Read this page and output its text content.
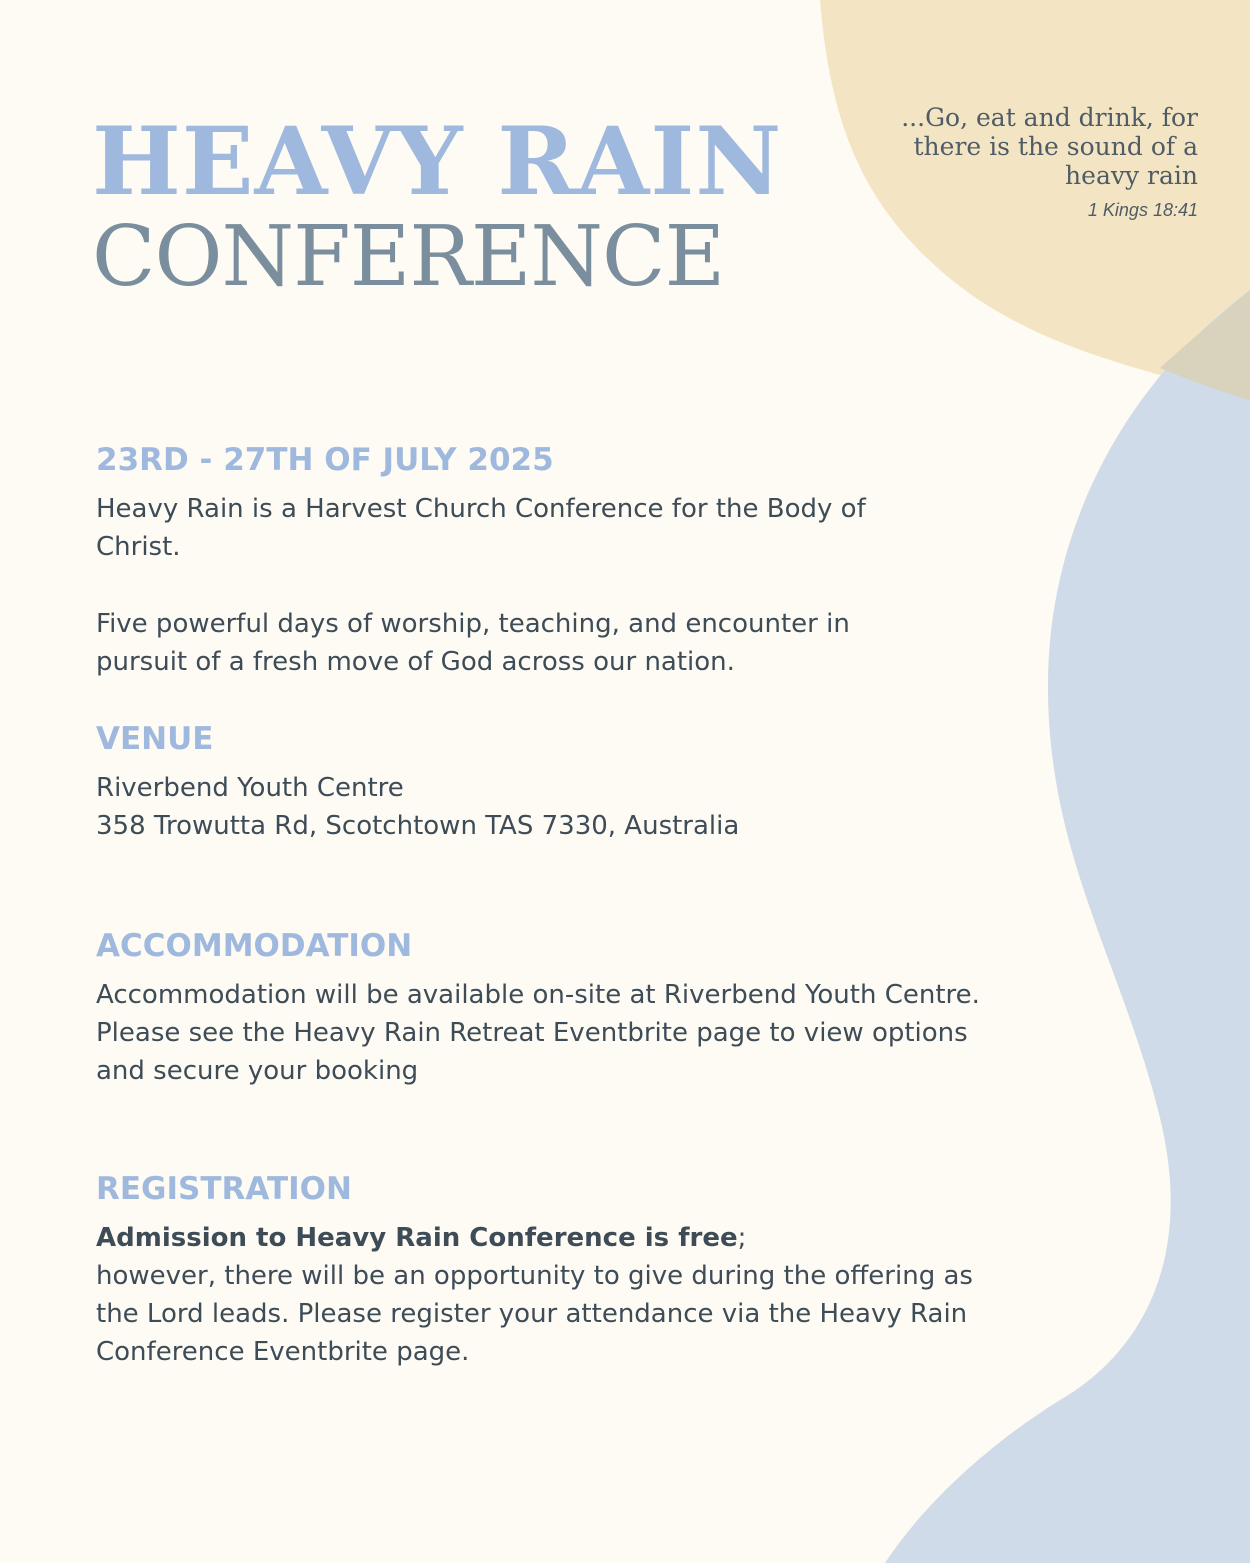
HEAVY RAIN
CONFERENCE
...Go, eat and drink, for
there is the sound of a
heavy rain
1 Kings 18:41
23RD - 27TH OF JULY 2025

Heavy Rain is a Harvest Church Conference for the Body of
Christ.

Five powerful days of worship, teaching, and encounter in
pursuit of a fresh move of God across our nation.

VENUE

Riverbend Youth Centre
358 Trowutta Rd, Scotchtown TAS 7330, Australia

ACCOMMODATION

Accommodation will be available on-site at Riverbend Youth Centre.
Please see the Heavy Rain Retreat Eventbrite page to view options
and secure your booking

REGISTRATION

Admission to Heavy Rain Conference is free;
however, there will be an opportunity to give during the offering as
the Lord leads. Please register your attendance via the Heavy Rain
Conference Eventbrite page.
